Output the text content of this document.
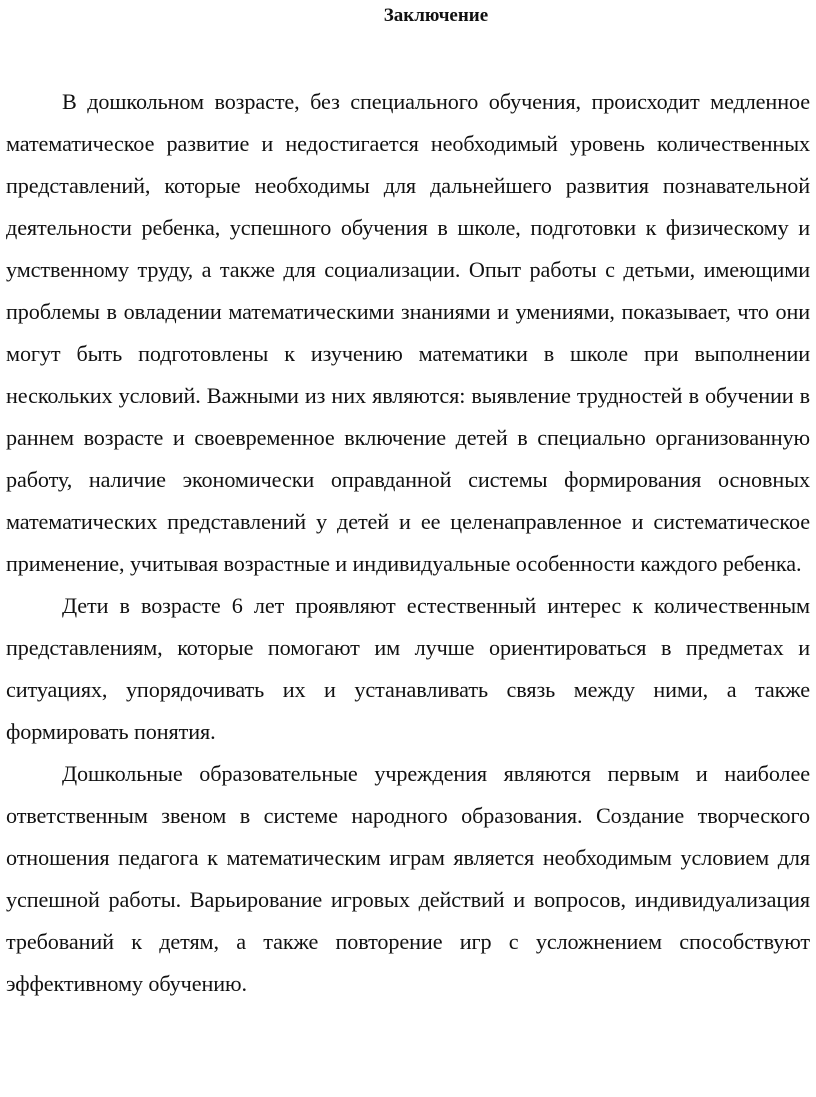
Заключение

В дошкольном возрасте, без специального обучения, происходит медленное математическое развитие и недостигается необходимый уровень количественных представлений, которые необходимы для дальнейшего развития познавательной деятельности ребенка, успешного обучения в школе, подготовки к физическому и умственному труду, а также для социализации. Опыт работы с детьми, имеющими проблемы в овладении математическими знаниями и умениями, показывает, что они могут быть подготовлены к изучению математики в школе при выполнении нескольких условий. Важными из них являются: выявление трудностей в обучении в раннем возрасте и своевременное включение детей в специально организованную работу, наличие экономически оправданной системы формирования основных математических представлений у детей и ее целенаправленное и систематическое применение, учитывая возрастные и индивидуальные особенности каждого ребенка.

Дети в возрасте 6 лет проявляют естественный интерес к количественным представлениям, которые помогают им лучше ориентироваться в предметах и ситуациях, упорядочивать их и устанавливать связь между ними, а также формировать понятия.

Дошкольные образовательные учреждения являются первым и наиболее ответственным звеном в системе народного образования. Создание творческого отношения педагога к математическим играм является необходимым условием для успешной работы. Варьирование игровых действий и вопросов, индивидуализация требований к детям, а также повторение игр с усложнением способствуют эффективному обучению.
